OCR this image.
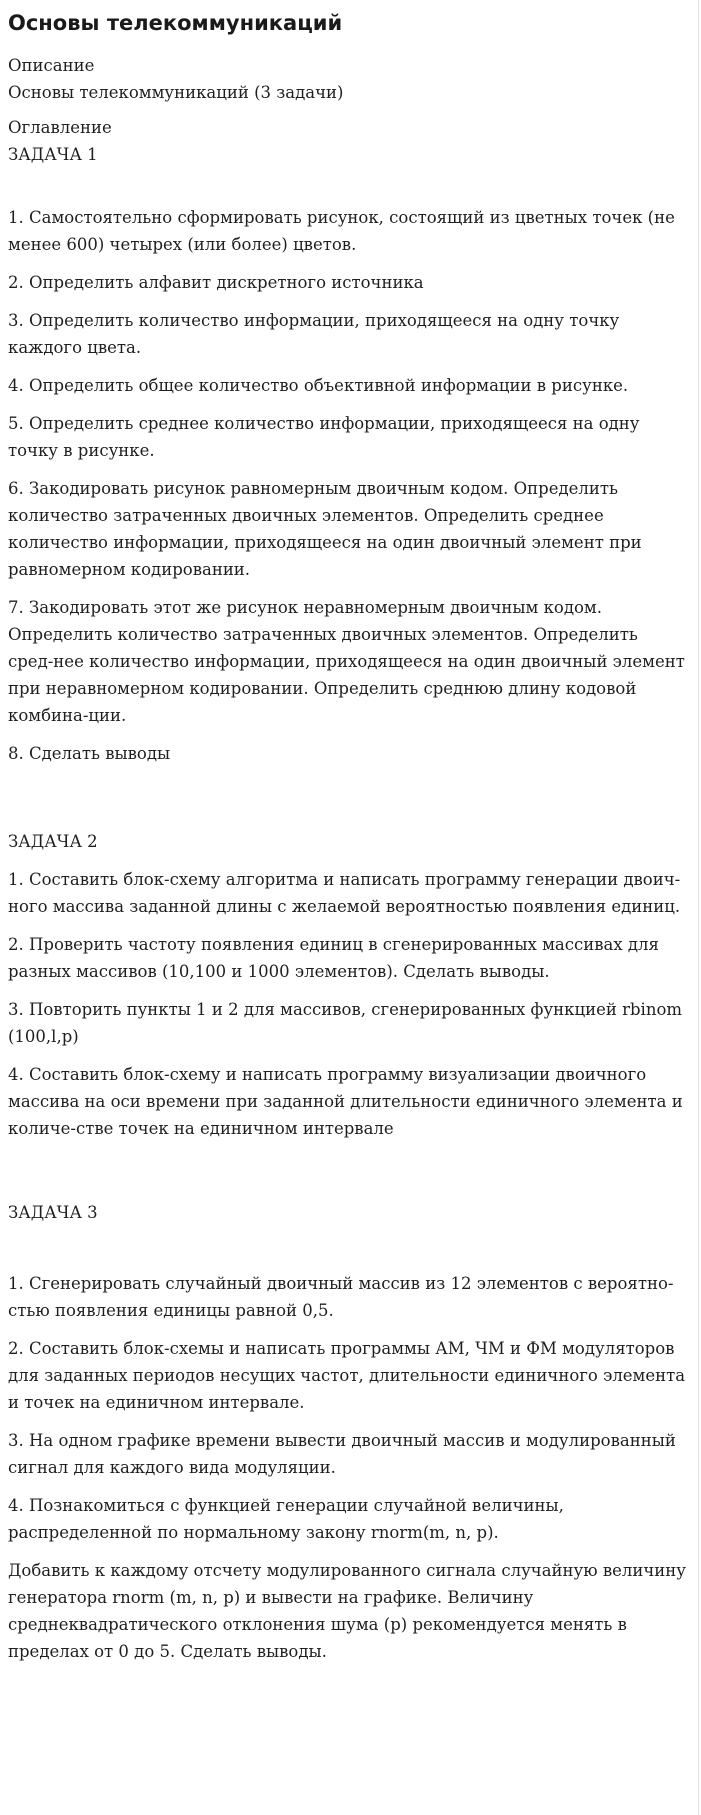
Основы телекоммуникаций

Описание

Основы телекоммуникаций (3 задачи)

Оглавление

ЗАДАЧА 1

1. Самостоятельно сформировать рисунок, состоящий из цветных точек (не менее 600) четырех (или более) цветов.

2. Определить алфавит дискретного источника

3. Определить количество информации, приходящееся на одну точку каждого цвета.

4. Определить общее количество объективной информации в рисунке.

5. Определить среднее количество информации, приходящееся на одну точку в рисунке.

6. Закодировать рисунок равномерным двоичным кодом. Определить количество затраченных двоичных элементов. Определить среднее количество информации, приходящееся на один двоичный элемент при равномерном кодировании.

7. Закодировать этот же рисунок неравномерным двоичным кодом. Определить количество затраченных двоичных элементов. Определить сред-нее количество информации, приходящееся на один двоичный элемент при неравномерном кодировании. Определить среднюю длину кодовой комбина-ции.

8. Сделать выводы

ЗАДАЧА 2

1. Составить блок-схему алгоритма и написать программу генерации двоич-ного массива заданной длины с желаемой вероятностью появления единиц.

2. Проверить частоту появления единиц в сгенерированных массивах для разных массивов (10,100 и 1000 элементов). Сделать выводы.

3. Повторить пункты 1 и 2 для массивов, сгенерированных функцией rbinom (100,l,p)

4. Составить блок-схему и написать программу визуализации двоичного массива на оси времени при заданной длительности единичного элемента и количе-стве точек на единичном интервале

ЗАДАЧА 3

1. Сгенерировать случайный двоичный массив из 12 элементов с вероятно-стью появления единицы равной 0,5.

2. Составить блок-схемы и написать программы АМ, ЧМ и ФМ модуляторов для заданных периодов несущих частот, длительности единичного элемента и точек на единичном интервале.

3. На одном графике времени вывести двоичный массив и модулированный сигнал для каждого вида модуляции.

4. Познакомиться с функцией генерации случайной величины, распределенной по нормальному закону rnorm(m, n, p).

Добавить к каждому отсчету модулированного сигнала случайную величину генератора rnorm (m, n, p) и вывести на графике. Величину среднеквадратического отклонения шума (p) рекомендуется менять в пределах от 0 до 5. Сделать выводы.
